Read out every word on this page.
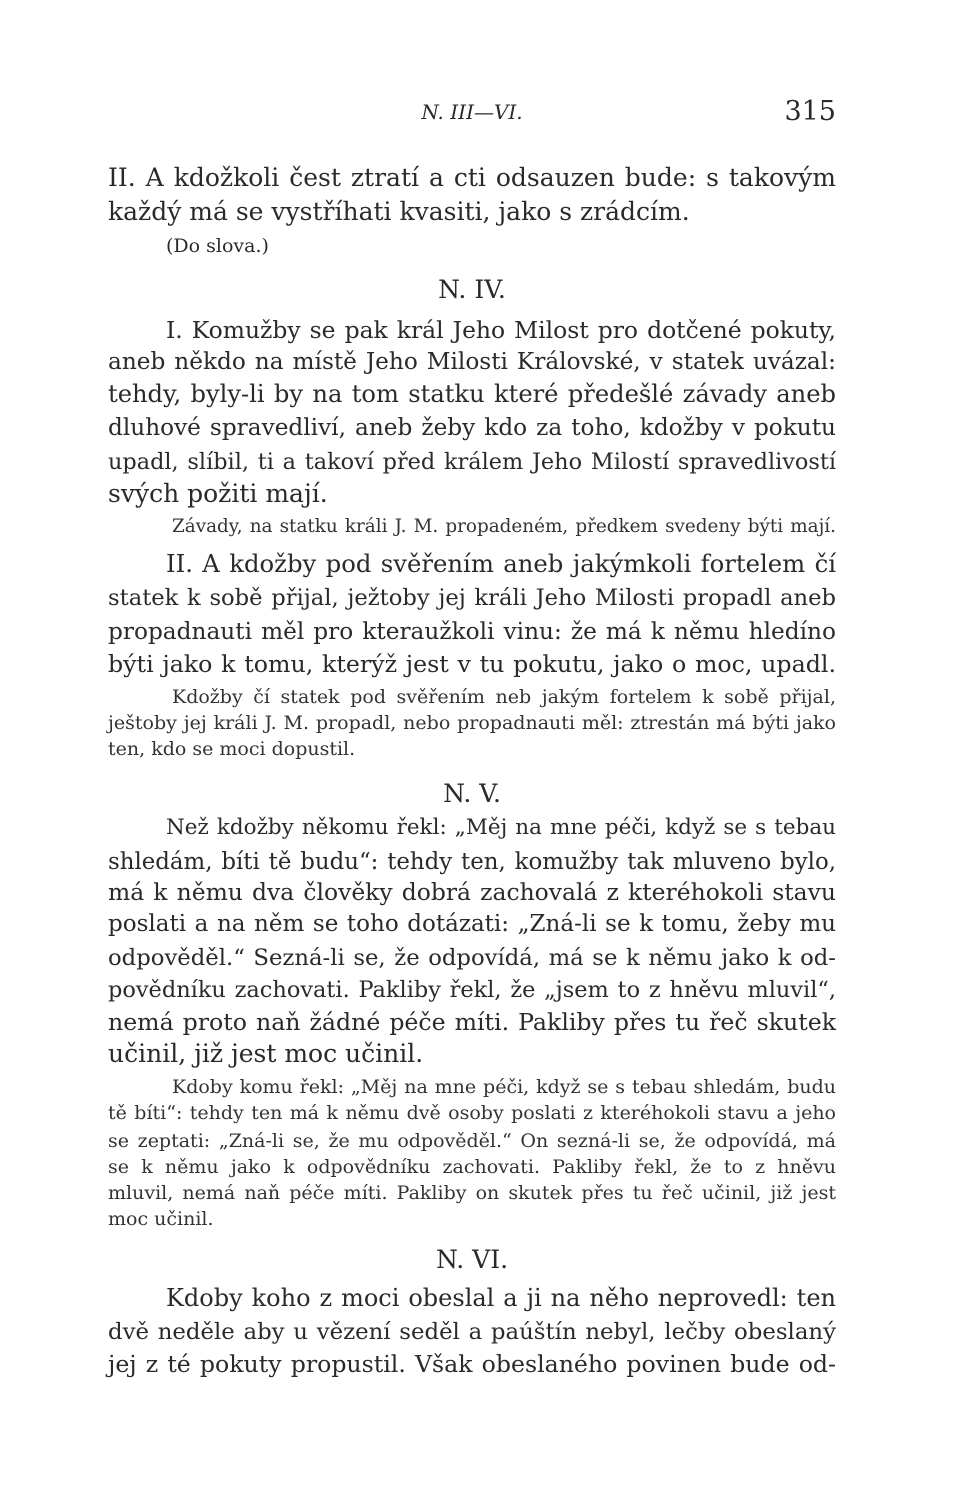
N. III—VI.	315
II. A kdožkoli čest ztratí a cti odsauzen bude: s takovým
každý má se vystříhati kvasiti, jako s zrádcím.
(Do slova.)
N. IV.
I. Komužby se pak král Jeho Milost pro dotčené pokuty,
aneb někdo na místě Jeho Milosti Královské, v statek uvázal:
tehdy, byly-li by na tom statku které předešlé závady aneb
dluhové spravedliví, aneb žeby kdo za toho, kdožby v pokutu
upadl, slíbil, ti a takoví před králem Jeho Milostí spravedlivostí
svých požiti mají.
Závady, na statku králi J. M. propadeném, předkem svedeny býti mají.
II. A kdožby pod svěřením aneb jakýmkoli fortelem čí
statek k sobě přijal, ježtoby jej králi Jeho Milosti propadl aneb
propadnauti měl pro kteraužkoli vinu: že má k němu hledíno
býti jako k tomu, kterýž jest v tu pokutu, jako o moc, upadl.
Kdožby čí statek pod svěřením neb jakým fortelem k sobě přijal,
ještoby jej králi J. M. propadl, nebo propadnauti měl: ztrestán má býti jako
ten, kdo se moci dopustil.
N. V.
Než kdožby někomu řekl: „Měj na mne péči, když se s tebau
shledám, bíti tě budu“: tehdy ten, komužby tak mluveno bylo,
má k němu dva člověky dobrá zachovalá z kteréhokoli stavu
poslati a na něm se toho dotázati: „Zná-li se k tomu, žeby mu
odpověděl.“ Sezná-li se, že odpovídá, má se k němu jako k od-
povědníku zachovati. Pakliby řekl, že „jsem to z hněvu mluvil“,
nemá proto naň žádné péče míti. Pakliby přes tu řeč skutek
učinil, již jest moc učinil.
Kdoby komu řekl: „Měj na mne péči, když se s tebau shledám, budu
tě bíti“: tehdy ten má k němu dvě osoby poslati z kteréhokoli stavu a jeho
se zeptati: „Zná-li se, že mu odpověděl.“ On sezná-li se, že odpovídá, má
se k němu jako k odpovědníku zachovati. Pakliby řekl, že to z hněvu
mluvil, nemá naň péče míti. Pakliby on skutek přes tu řeč učinil, již jest
moc učinil.
N. VI.
Kdoby koho z moci obeslal a ji na něho neprovedl: ten
dvě neděle aby u vězení seděl a paúštín nebyl, lečby obeslaný
jej z té pokuty propustil. Však obeslaného povinen bude od-
